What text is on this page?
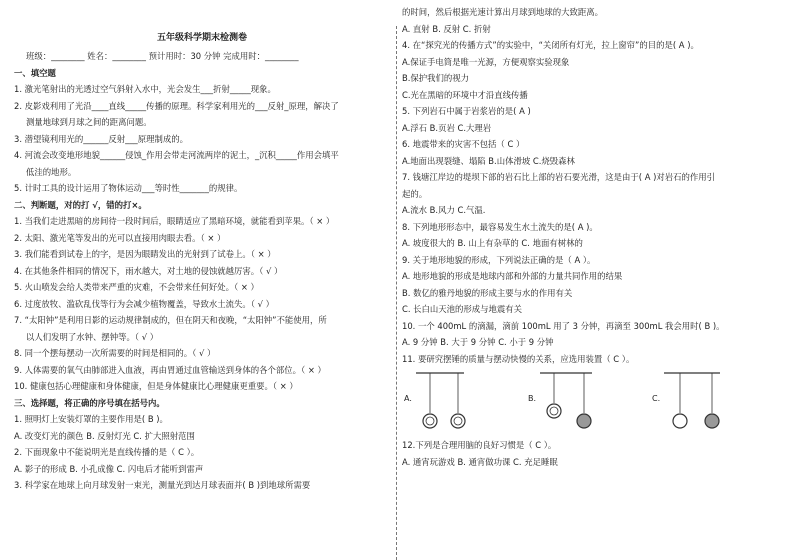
五年级科学期末检测卷
班级：________ 姓名：________ 预计用时：30 分钟 完成用时：________
一、填空题
1. 激光笔射出的光透过空气斜射入水中，光会发生___折射_____现象。
2. 皮影戏利用了光沿____直线_____传播的原理。科学家利用光的___反射_原理，解决了
测量地球到月球之间的距离问题。
3. 潜望镜利用光的______反射___原理制成的。
4. 河流会改变地形地貌______侵蚀_作用会带走河流两岸的泥土，_沉积_____作用会填平
低洼的地形。
5. 计时工具的设计运用了物体运动___等时性_______的规律。
二、判断题，对的打 √，错的打×。
1. 当我们走进黑暗的房间待一段时间后，眼睛适应了黑暗环境，就能看到苹果。（ × ）
2. 太阳、激光笔等发出的光可以直接用肉眼去看。（ × ）
3. 我们能看到试卷上的字，是因为眼睛发出的光射到了试卷上。（ × ）
4. 在其他条件相同的情况下，雨水越大，对土地的侵蚀就越厉害。（ √ ）
5. 火山喷发会给人类带来严重的灾难，不会带来任何好处。（ × ）
6. 过度放牧、滥砍乱伐等行为会减少植物覆盖，导致水土流失。（ √ ）
7. “太阳钟”是利用日影的运动规律制成的，但在阴天和夜晚，“太阳钟”不能使用，所
以人们发明了水钟、摆钟等。（ √ ）
8. 同一个摆每摆动一次所需要的时间是相同的。（ √ ）
9. 人体需要的氧气由肺部进入血液，再由胃通过血管输送到身体的各个部位。（ × ）
10. 健康包括心理健康和身体健康，但是身体健康比心理健康更重要。（ × ）
三、选择题，将正确的序号填在括号内。
1. 照明灯上安装灯罩的主要作用是( B )。
A. 改变灯光的颜色 B. 反射灯光 C. 扩大照射范围
2. 下面现象中不能说明光是直线传播的是（ C ）。
A. 影子的形成 B. 小孔成像 C. 闪电后才能听到雷声
3. 科学家在地球上向月球发射一束光，测量光到达月球表面并( B )到地球所需要
的时间，然后根据光速计算出月球到地球的大致距离。
A. 直射 B. 反射 C. 折射
4. 在“探究光的传播方式”的实验中，“关闭所有灯光，拉上窗帘”的目的是( A )。
A.保证手电筒是唯一光源，方便观察实验现象
B.保护我们的视力
C.光在黑暗的环境中才沿直线传播
5. 下列岩石中属于岩浆岩的是( A )
A.浮石 B.页岩 C.大理岩
6. 地震带来的灾害不包括（ C ）
A.地面出现裂缝、塌陷 B.山体滑坡 C.烧毁森林
7. 钱塘江岸边的堤坝下部的岩石比上部的岩石要光滑，这是由于( A )对岩石的作用引
起的。
A.流水 B.风力 C.气温.
8. 下列地形形态中，最容易发生水土流失的是( A )。
A. 坡度很大的 B. 山上有杂草的 C. 地面有树林的
9. 关于地形地貌的形成，下列说法正确的是（ A ）。
A. 地形地貌的形成是地球内部和外部的力量共同作用的结果
B. 数亿的雅丹地貌的形成主要与水的作用有关
C. 长白山天池的形成与地震有关
10. 一个 400mL 的滴漏，滴前 100mL 用了 3 分钟，再滴至 300mL 我会用时( B )。
A. 9 分钟 B. 大于 9 分钟 C. 小于 9 分钟
11. 要研究摆锤的质量与摆动快慢的关系，应选用装置（ C ）。
A.	B.	C.
12.下列是合理用脑的良好习惯是（ C ）。
A. 通宵玩游戏 B. 通宵做功课 C. 充足睡眠
